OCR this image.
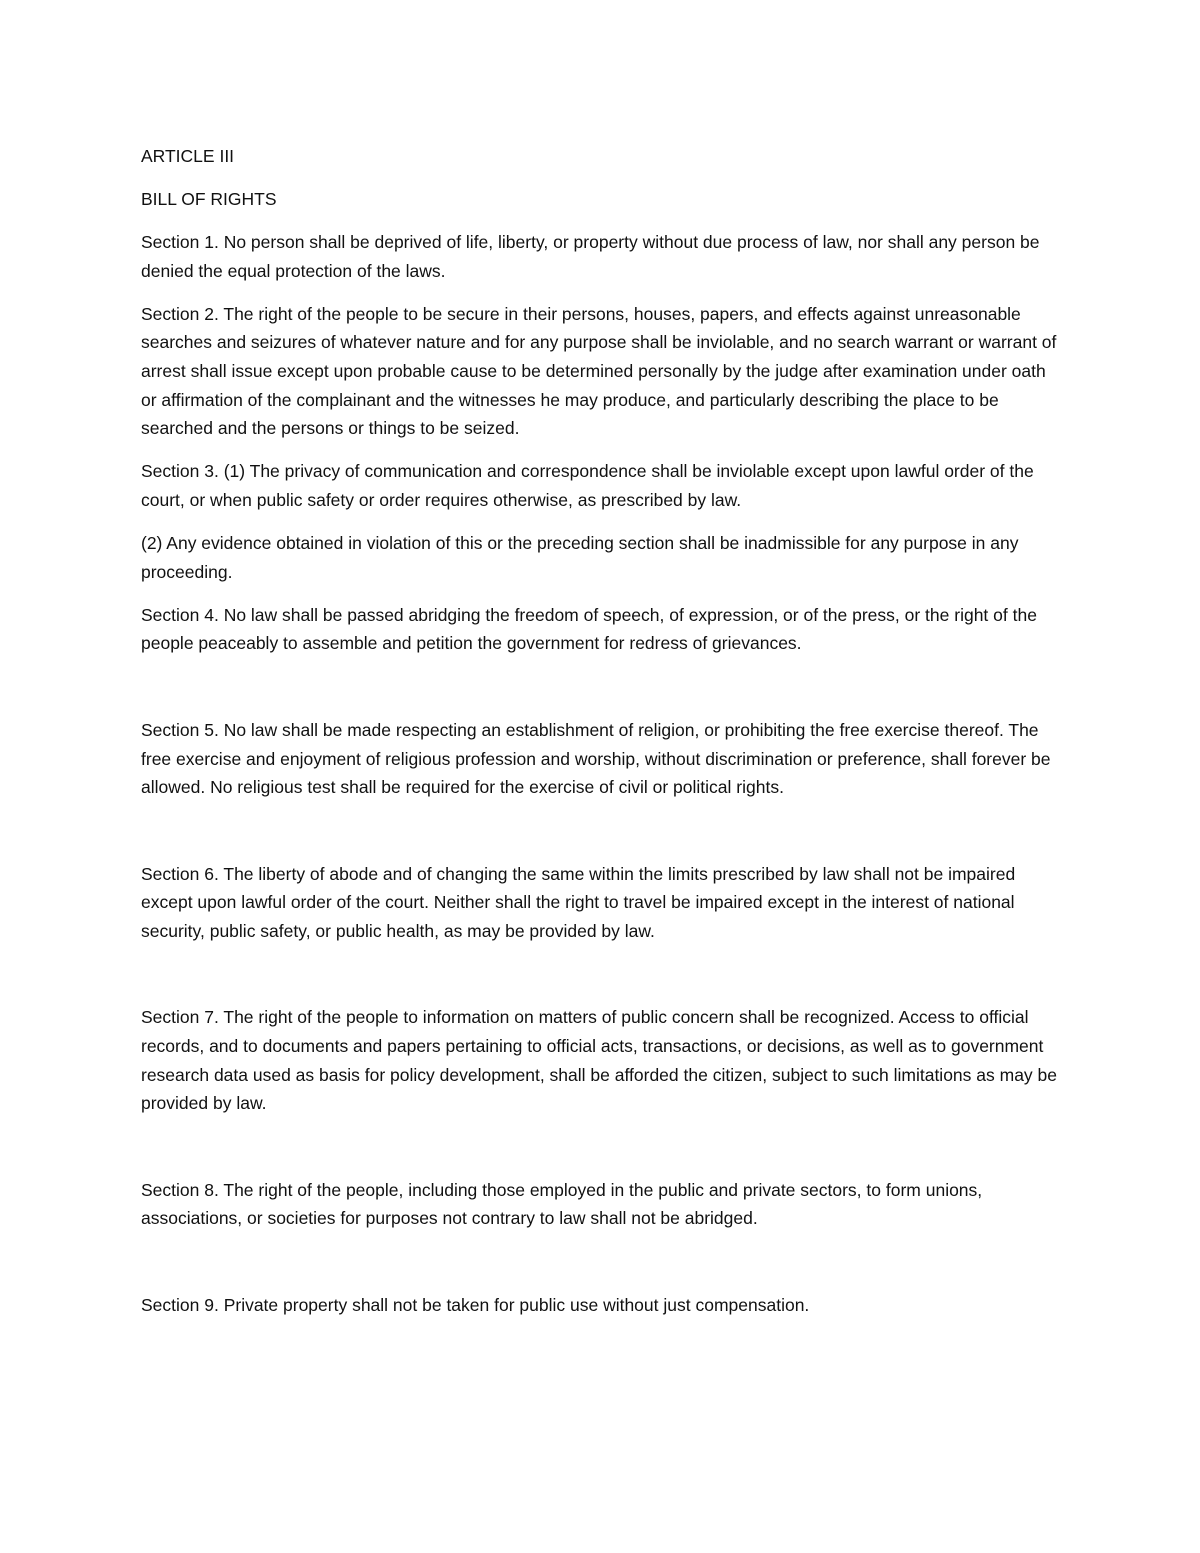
ARTICLE III

BILL OF RIGHTS

Section 1. No person shall be deprived of life, liberty, or property without due process of law, nor shall any person be denied the equal protection of the laws.

Section 2. The right of the people to be secure in their persons, houses, papers, and effects against unreasonable searches and seizures of whatever nature and for any purpose shall be inviolable, and no search warrant or warrant of arrest shall issue except upon probable cause to be determined personally by the judge after examination under oath or affirmation of the complainant and the witnesses he may produce, and particularly describing the place to be searched and the persons or things to be seized.

Section 3. (1) The privacy of communication and correspondence shall be inviolable except upon lawful order of the court, or when public safety or order requires otherwise, as prescribed by law.

(2) Any evidence obtained in violation of this or the preceding section shall be inadmissible for any purpose in any proceeding.

Section 4. No law shall be passed abridging the freedom of speech, of expression, or of the press, or the right of the people peaceably to assemble and petition the government for redress of grievances.

Section 5. No law shall be made respecting an establishment of religion, or prohibiting the free exercise thereof. The free exercise and enjoyment of religious profession and worship, without discrimination or preference, shall forever be allowed. No religious test shall be required for the exercise of civil or political rights.

Section 6. The liberty of abode and of changing the same within the limits prescribed by law shall not be impaired except upon lawful order of the court. Neither shall the right to travel be impaired except in the interest of national security, public safety, or public health, as may be provided by law.

Section 7. The right of the people to information on matters of public concern shall be recognized. Access to official records, and to documents and papers pertaining to official acts, transactions, or decisions, as well as to government research data used as basis for policy development, shall be afforded the citizen, subject to such limitations as may be provided by law.

Section 8. The right of the people, including those employed in the public and private sectors, to form unions, associations, or societies for purposes not contrary to law shall not be abridged.

Section 9. Private property shall not be taken for public use without just compensation.
